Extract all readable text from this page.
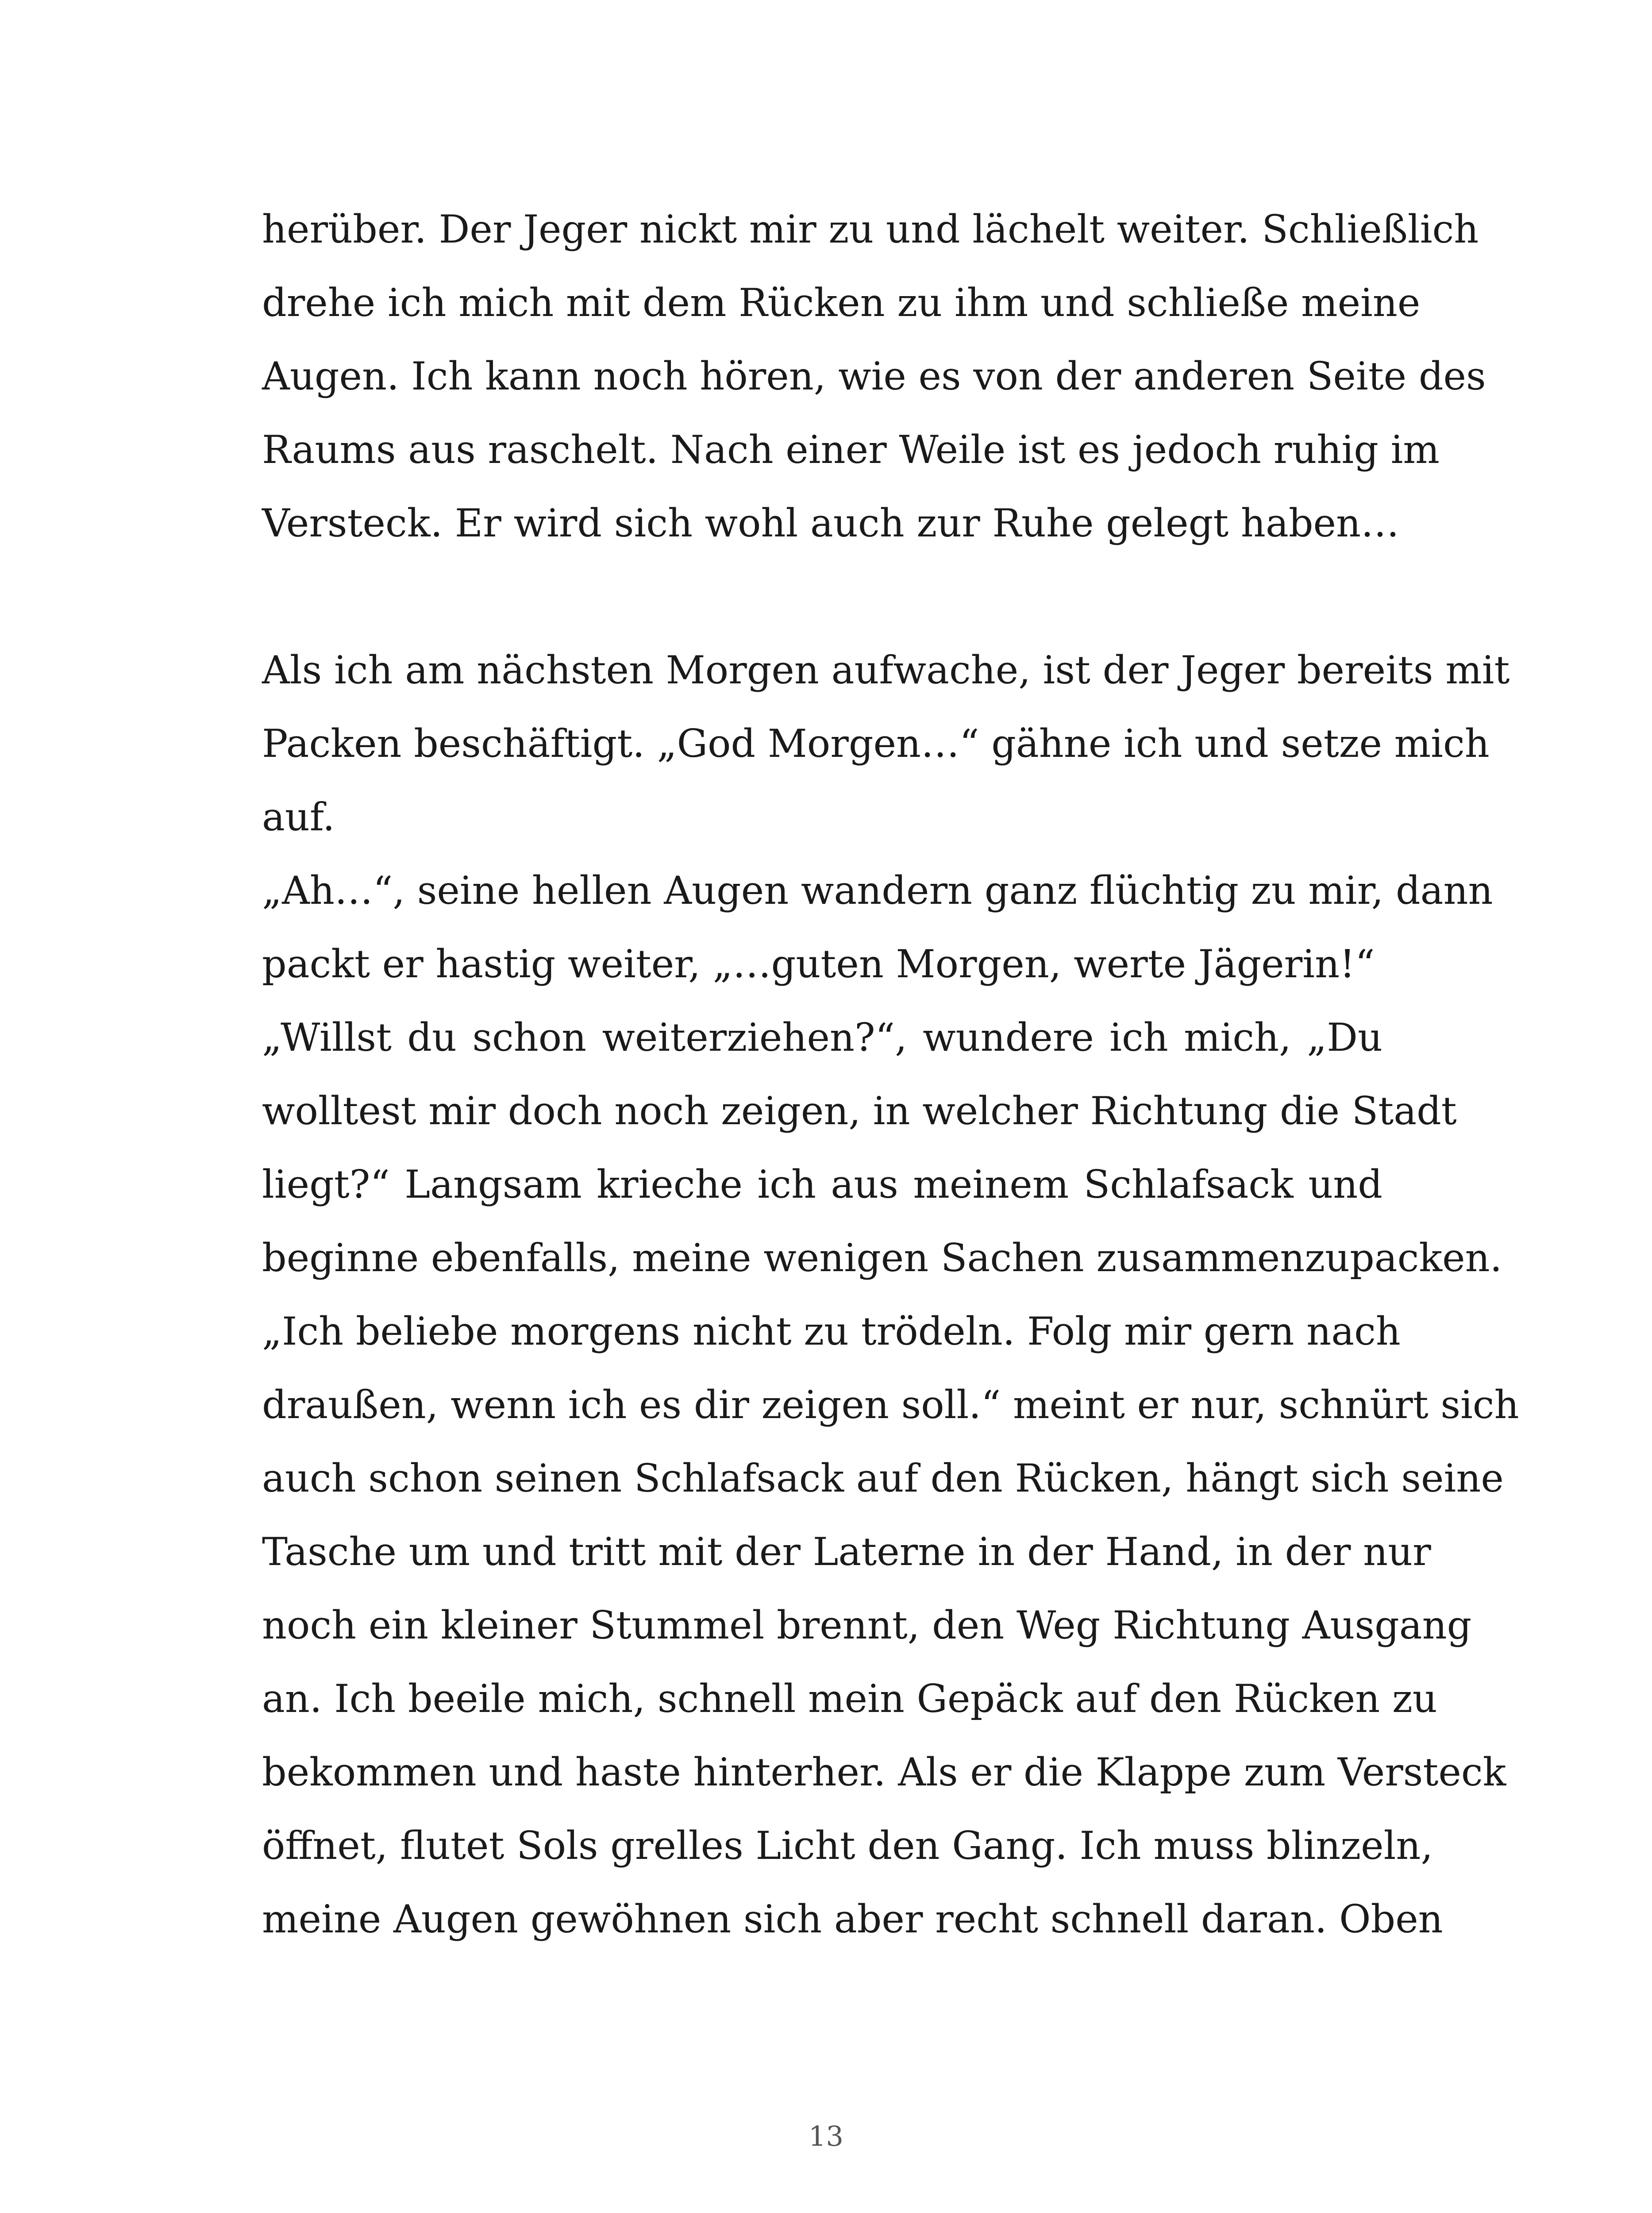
herüber. Der Jeger nickt mir zu und lächelt weiter. Schließlich
drehe ich mich mit dem Rücken zu ihm und schließe meine
Augen. Ich kann noch hören, wie es von der anderen Seite des
Raums aus raschelt. Nach einer Weile ist es jedoch ruhig im
Versteck. Er wird sich wohl auch zur Ruhe gelegt haben…
Als ich am nächsten Morgen aufwache, ist der Jeger bereits mit
Packen beschäftigt. „God Morgen…“ gähne ich und setze mich
auf.
„Ah…“, seine hellen Augen wandern ganz flüchtig zu mir, dann
packt er hastig weiter, „…guten Morgen, werte Jägerin!“
„Willst du schon weiterziehen?“, wundere ich mich, „Du
wolltest mir doch noch zeigen, in welcher Richtung die Stadt
liegt?“ Langsam krieche ich aus meinem Schlafsack und
beginne ebenfalls, meine wenigen Sachen zusammenzupacken.
„Ich beliebe morgens nicht zu trödeln. Folg mir gern nach
draußen, wenn ich es dir zeigen soll.“ meint er nur, schnürt sich
auch schon seinen Schlafsack auf den Rücken, hängt sich seine
Tasche um und tritt mit der Laterne in der Hand, in der nur
noch ein kleiner Stummel brennt, den Weg Richtung Ausgang
an. Ich beeile mich, schnell mein Gepäck auf den Rücken zu
bekommen und haste hinterher. Als er die Klappe zum Versteck
öffnet, flutet Sols grelles Licht den Gang. Ich muss blinzeln,
meine Augen gewöhnen sich aber recht schnell daran. Oben
13
